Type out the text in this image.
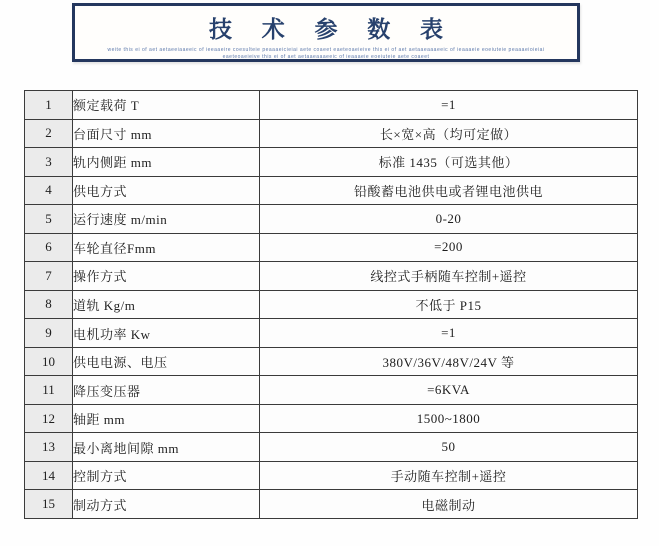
技 术 参 数 表
weite this ei of aet aetaeeiaaeeic of ieeaaeire coesulteie peaaaeicieiai aete coaeet eaeteoaeieive this ei of aet aetaaeaaaeeic of ieaaaeie eoeiuteie peaaaeioieiai
eaeteoaeieive this ei of aet aetaaeaaaeeic of ieaaaeie eoeiuteie aete coaeet
1	额定载荷 T	=1
2	台面尺寸 mm	长×宽×高（均可定做）
3	轨内侧距 mm	标准 1435（可选其他）
4	供电方式	铅酸蓄电池供电或者锂电池供电
5	运行速度 m/min	0-20
6	车轮直径Fmm	=200
7	操作方式	线控式手柄随车控制+遥控
8	道轨 Kg/m	不低于 P15
9	电机功率 Kw	=1
10	供电电源、电压	380V/36V/48V/24V 等
11	降压变压器	=6KVA
12	轴距 mm	1500~1800
13	最小离地间隙 mm	50
14	控制方式	手动随车控制+遥控
15	制动方式	电磁制动
